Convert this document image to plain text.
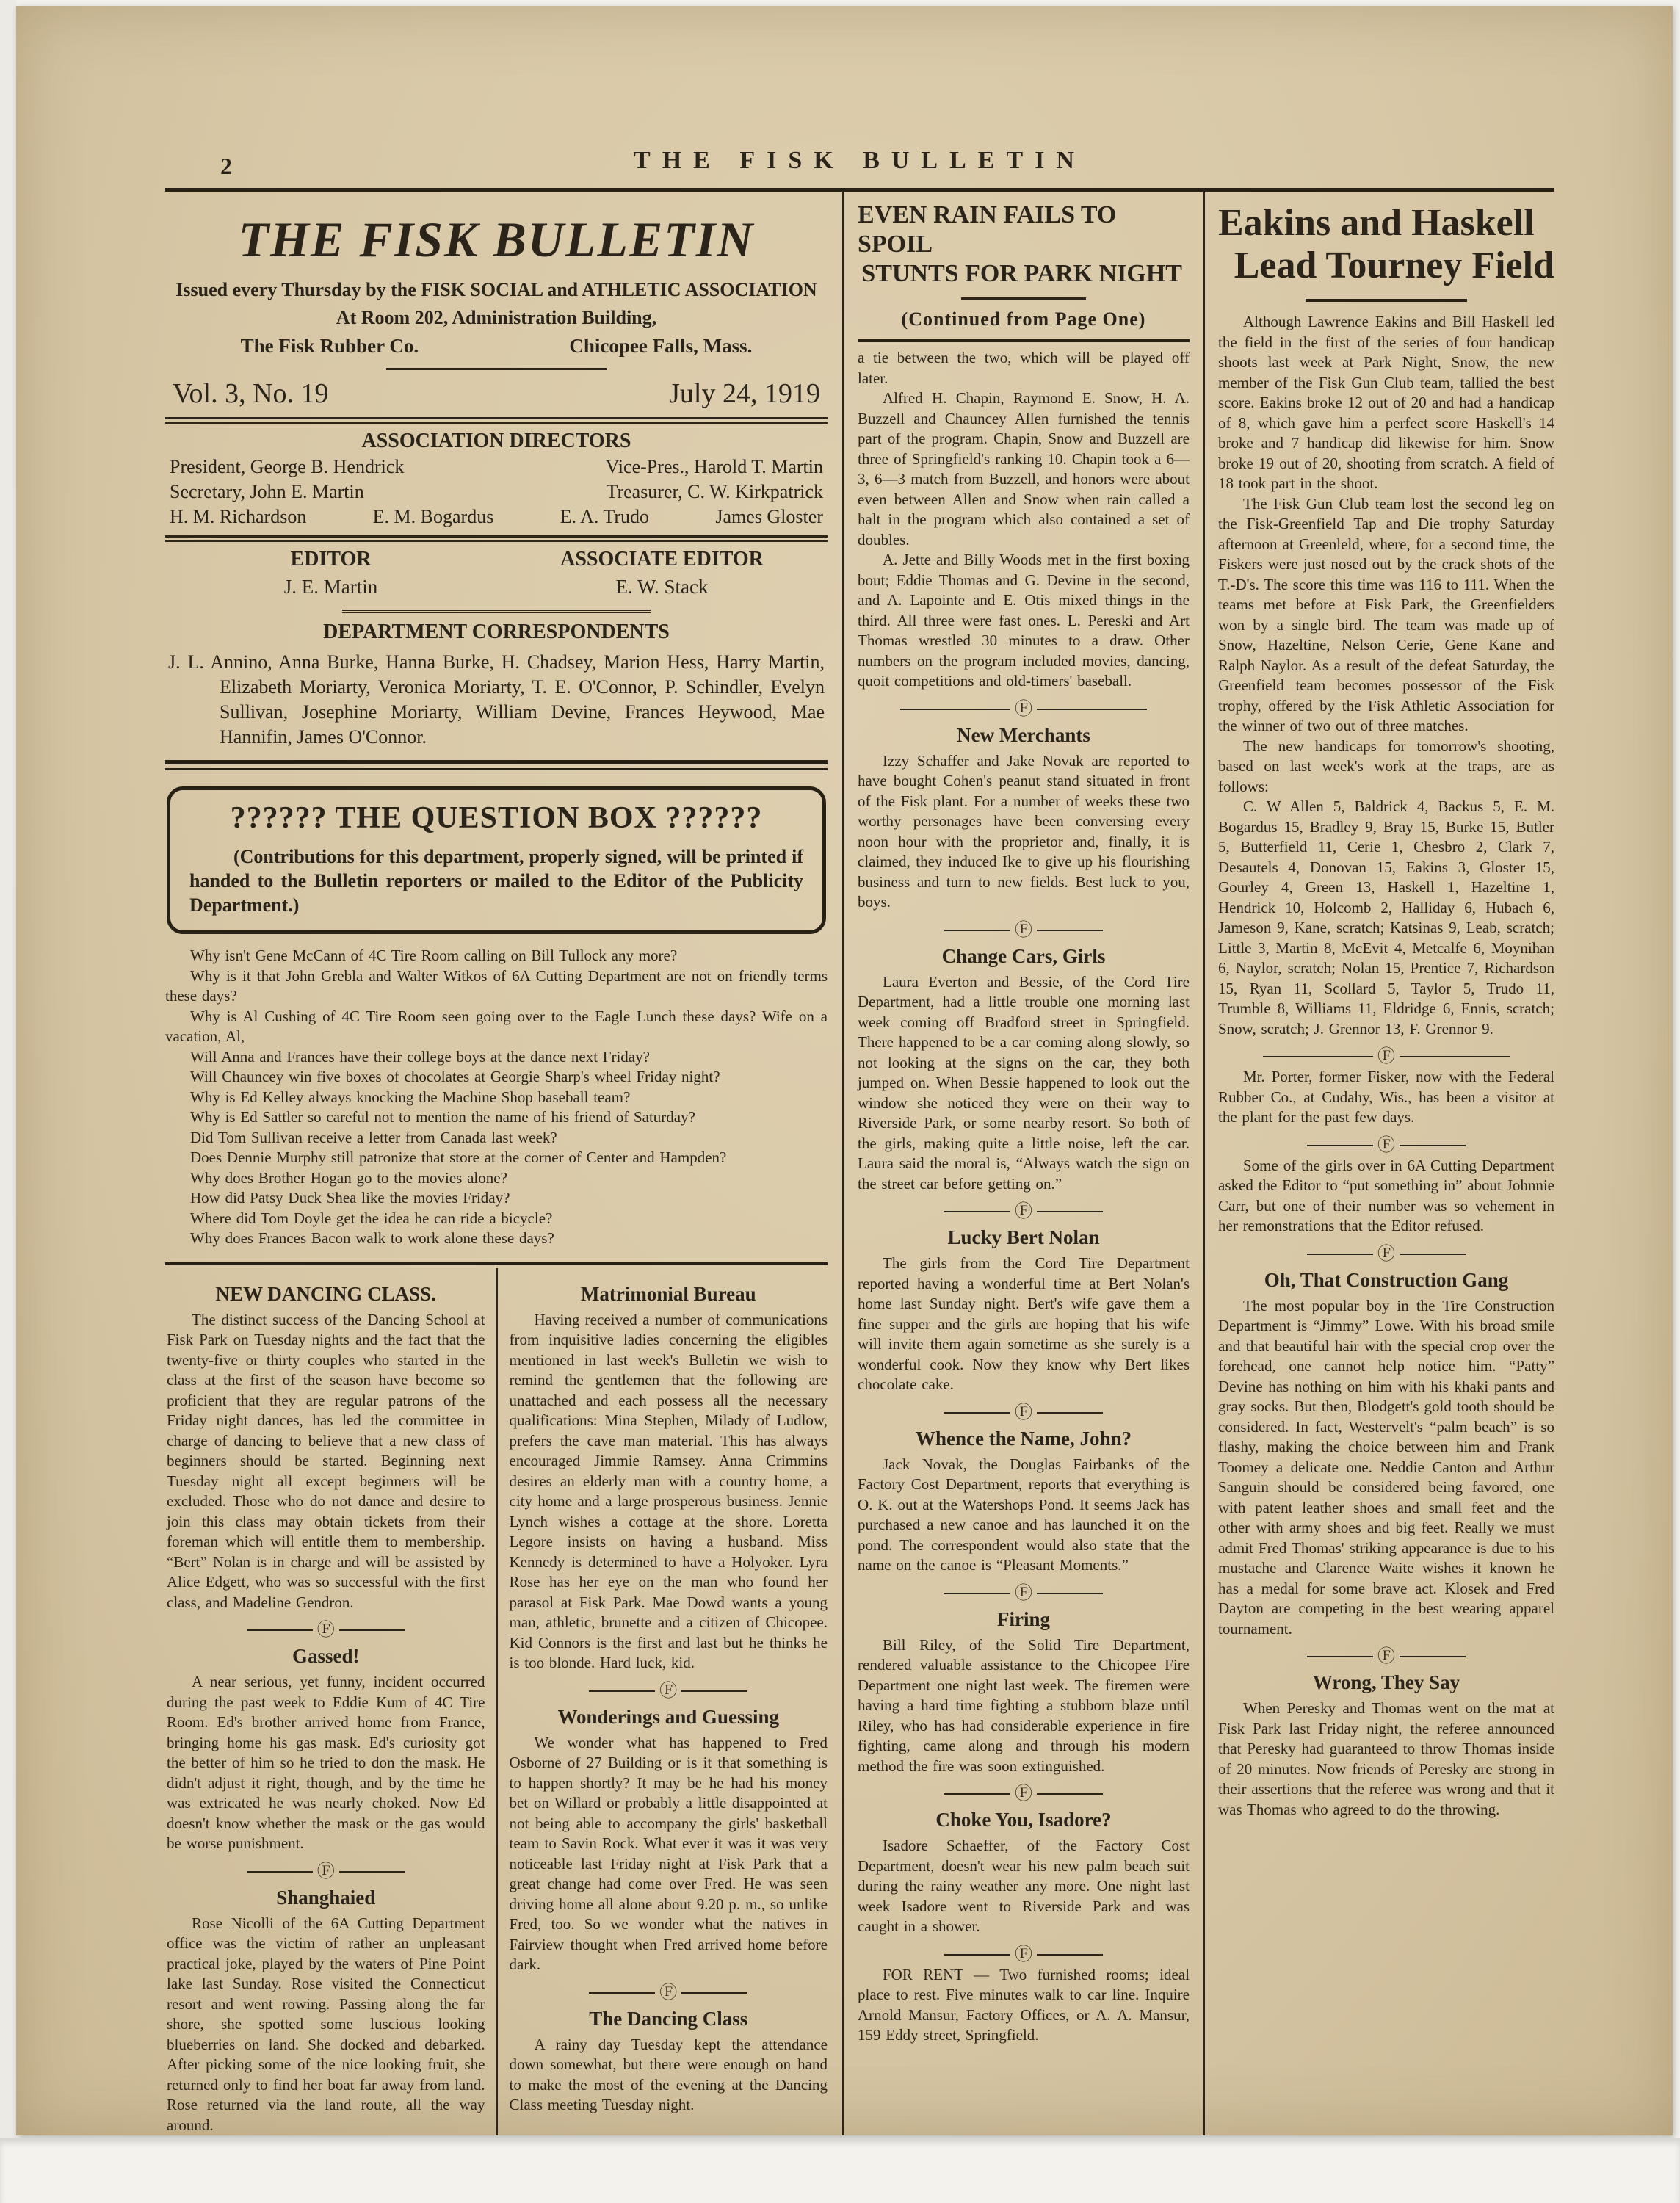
2	THE FISK BULLETIN
THE FISK BULLETIN
Issued every Thursday by the FISK SOCIAL and ATHLETIC ASSOCIATION
At Room 202, Administration Building,
The Fisk Rubber Co.	Chicopee Falls, Mass.
Vol. 3, No. 19	July 24, 1919
ASSOCIATION DIRECTORS
President, George B. Hendrick	Vice-Pres., Harold T. Martin
Secretary, John E. Martin	Treasurer, C. W. Kirkpatrick
H. M. Richardson	E. M. Bogardus	E. A. Trudo	James Gloster
EDITOR
J. E. Martin
ASSOCIATE EDITOR
E. W. Stack
DEPARTMENT CORRESPONDENTS
J. L. Annino, Anna Burke, Hanna Burke, H. Chadsey, Marion Hess, Harry Martin, Elizabeth Moriarty, Veronica Moriarty, T. E. O'Connor, P. Schindler, Evelyn Sullivan, Josephine Moriarty, William Devine, Frances Heywood, Mae Hannifin, James O'Connor.
?????? THE QUESTION BOX ??????
(Contributions for this department, properly signed, will be printed if handed to the Bulletin reporters or mailed to the Editor of the Publicity Department.)

Why isn't Gene McCann of 4C Tire Room calling on Bill Tullock any more?

Why is it that John Grebla and Walter Witkos of 6A Cutting Department are not on friendly terms these days?

Why is Al Cushing of 4C Tire Room seen going over to the Eagle Lunch these days? Wife on a vacation, Al,

Will Anna and Frances have their college boys at the dance next Friday?

Will Chauncey win five boxes of chocolates at Georgie Sharp's wheel Friday night?

Why is Ed Kelley always knocking the Machine Shop baseball team?

Why is Ed Sattler so careful not to mention the name of his friend of Saturday?

Did Tom Sullivan receive a letter from Canada last week?

Does Dennie Murphy still patronize that store at the corner of Center and Hampden?

Why does Brother Hogan go to the movies alone?

How did Patsy Duck Shea like the movies Friday?

Where did Tom Doyle get the idea he can ride a bicycle?

Why does Frances Bacon walk to work alone these days?

NEW DANCING CLASS.

The distinct success of the Dancing School at Fisk Park on Tuesday nights and the fact that the twenty-five or thirty couples who started in the class at the first of the season have become so proficient that they are regular patrons of the Friday night dances, has led the committee in charge of dancing to believe that a new class of beginners should be started. Beginning next Tuesday night all except beginners will be excluded. Those who do not dance and desire to join this class may obtain tickets from their foreman which will entitle them to membership. “Bert” Nolan is in charge and will be assisted by Alice Edgett, who was so successful with the first class, and Madeline Gendron.

Ⓕ
Gassed!

A near serious, yet funny, incident occurred during the past week to Eddie Kum of 4C Tire Room. Ed's brother arrived home from France, bringing home his gas mask. Ed's curiosity got the better of him so he tried to don the mask. He didn't adjust it right, though, and by the time he was extricated he was nearly choked. Now Ed doesn't know whether the mask or the gas would be worse punishment.

Ⓕ
Shanghaied

Rose Nicolli of the 6A Cutting Department office was the victim of rather an unpleasant practical joke, played by the waters of Pine Point lake last Sunday. Rose visited the Connecticut resort and went rowing. Passing along the far shore, she spotted some luscious looking blueberries on land. She docked and debarked. After picking some of the nice looking fruit, she returned only to find her boat far away from land. Rose returned via the land route, all the way around.

Matrimonial Bureau

Having received a number of communications from inquisitive ladies concerning the eligibles mentioned in last week's Bulletin we wish to remind the gentlemen that the following are unattached and each possess all the necessary qualifications: Mina Stephen, Milady of Ludlow, prefers the cave man material. This has always encouraged Jimmie Ramsey. Anna Crimmins desires an elderly man with a country home, a city home and a large prosperous business. Jennie Lynch wishes a cottage at the shore. Loretta Legore insists on having a husband. Miss Kennedy is determined to have a Holyoker. Lyra Rose has her eye on the man who found her parasol at Fisk Park. Mae Dowd wants a young man, athletic, brunette and a citizen of Chicopee. Kid Connors is the first and last but he thinks he is too blonde. Hard luck, kid.

Ⓕ
Wonderings and Guessing

We wonder what has happened to Fred Osborne of 27 Building or is it that something is to happen shortly? It may be he had his money bet on Willard or probably a little disappointed at not being able to accompany the girls' basketball team to Savin Rock. What ever it was it was very noticeable last Friday night at Fisk Park that a great change had come over Fred. He was seen driving home all alone about 9.20 p. m., so unlike Fred, too. So we wonder what the natives in Fairview thought when Fred arrived home before dark.

Ⓕ
The Dancing Class

A rainy day Tuesday kept the attendance down somewhat, but there were enough on hand to make the most of the evening at the Dancing Class meeting Tuesday night.

EVEN RAIN FAILS TO SPOIL
STUNTS FOR PARK NIGHT
(Continued from Page One)

a tie between the two, which will be played off later.

Alfred H. Chapin, Raymond E. Snow, H. A. Buzzell and Chauncey Allen furnished the tennis part of the program. Chapin, Snow and Buzzell are three of Springfield's ranking 10. Chapin took a 6—3, 6—3 match from Buzzell, and honors were about even between Allen and Snow when rain called a halt in the program which also contained a set of doubles.

A. Jette and Billy Woods met in the first boxing bout; Eddie Thomas and G. Devine in the second, and A. Lapointe and E. Otis mixed things in the third. All three were fast ones. L. Pereski and Art Thomas wrestled 30 minutes to a draw. Other numbers on the program included movies, dancing, quoit competitions and old-timers' baseball.

Ⓕ
New Merchants

Izzy Schaffer and Jake Novak are reported to have bought Cohen's peanut stand situated in front of the Fisk plant. For a number of weeks these two worthy personages have been conversing every noon hour with the proprietor and, finally, it is claimed, they induced Ike to give up his flourishing business and turn to new fields. Best luck to you, boys.

Ⓕ
Change Cars, Girls

Laura Everton and Bessie, of the Cord Tire Department, had a little trouble one morning last week coming off Bradford street in Springfield. There happened to be a car coming along slowly, so not looking at the signs on the car, they both jumped on. When Bessie happened to look out the window she noticed they were on their way to Riverside Park, or some nearby resort. So both of the girls, making quite a little noise, left the car. Laura said the moral is, “Always watch the sign on the street car before getting on.”

Ⓕ
Lucky Bert Nolan

The girls from the Cord Tire Department reported having a wonderful time at Bert Nolan's home last Sunday night. Bert's wife gave them a fine supper and the girls are hoping that his wife will invite them again sometime as she surely is a wonderful cook. Now they know why Bert likes chocolate cake.

Ⓕ
Whence the Name, John?

Jack Novak, the Douglas Fairbanks of the Factory Cost Department, reports that everything is O. K. out at the Watershops Pond. It seems Jack has purchased a new canoe and has launched it on the pond. The correspondent would also state that the name on the canoe is “Pleasant Moments.”

Ⓕ
Firing

Bill Riley, of the Solid Tire Department, rendered valuable assistance to the Chicopee Fire Department one night last week. The firemen were having a hard time fighting a stubborn blaze until Riley, who has had considerable experience in fire fighting, came along and through his modern method the fire was soon extinguished.

Ⓕ
Choke You, Isadore?

Isadore Schaeffer, of the Factory Cost Department, doesn't wear his new palm beach suit during the rainy weather any more. One night last week Isadore went to Riverside Park and was caught in a shower.

Ⓕ

FOR RENT — Two furnished rooms; ideal place to rest. Five minutes walk to car line. Inquire Arnold Mansur, Factory Offices, or A. A. Mansur, 159 Eddy street, Springfield.

Eakins and Haskell
Lead Tourney Field

Although Lawrence Eakins and Bill Haskell led the field in the first of the series of four handicap shoots last week at Park Night, Snow, the new member of the Fisk Gun Club team, tallied the best score. Eakins broke 12 out of 20 and had a handicap of 8, which gave him a perfect score Haskell's 14 broke and 7 handicap did likewise for him. Snow broke 19 out of 20, shooting from scratch. A field of 18 took part in the shoot.

The Fisk Gun Club team lost the second leg on the Fisk-Greenfield Tap and Die trophy Saturday afternoon at Greenleld, where, for a second time, the Fiskers were just nosed out by the crack shots of the T.-D's. The score this time was 116 to 111. When the teams met before at Fisk Park, the Greenfielders won by a single bird. The team was made up of Snow, Hazeltine, Nelson Cerie, Gene Kane and Ralph Naylor. As a result of the defeat Saturday, the Greenfield team becomes possessor of the Fisk trophy, offered by the Fisk Athletic Association for the winner of two out of three matches.

The new handicaps for tomorrow's shooting, based on last week's work at the traps, are as follows:

C. W Allen 5, Baldrick 4, Backus 5, E. M. Bogardus 15, Bradley 9, Bray 15, Burke 15, Butler 5, Butterfield 11, Cerie 1, Chesbro 2, Clark 7, Desautels 4, Donovan 15, Eakins 3, Gloster 15, Gourley 4, Green 13, Haskell 1, Hazeltine 1, Hendrick 10, Holcomb 2, Halliday 6, Hubach 6, Jameson 9, Kane, scratch; Katsinas 9, Leab, scratch; Little 3, Martin 8, McEvit 4, Metcalfe 6, Moynihan 6, Naylor, scratch; Nolan 15, Prentice 7, Richardson 15, Ryan 11, Scollard 5, Taylor 5, Trudo 11, Trumble 8, Williams 11, Eldridge 6, Ennis, scratch; Snow, scratch; J. Grennor 13, F. Grennor 9.

Ⓕ

Mr. Porter, former Fisker, now with the Federal Rubber Co., at Cudahy, Wis., has been a visitor at the plant for the past few days.

Ⓕ

Some of the girls over in 6A Cutting Department asked the Editor to “put something in” about Johnnie Carr, but one of their number was so vehement in her remonstrations that the Editor refused.

Ⓕ
Oh, That Construction Gang

The most popular boy in the Tire Construction Department is “Jimmy” Lowe. With his broad smile and that beautiful hair with the special crop over the forehead, one cannot help notice him. “Patty” Devine has nothing on him with his khaki pants and gray socks. But then, Blodgett's gold tooth should be considered. In fact, Westervelt's “palm beach” is so flashy, making the choice between him and Frank Toomey a delicate one. Neddie Canton and Arthur Sanguin should be considered being favored, one with patent leather shoes and small feet and the other with army shoes and big feet. Really we must admit Fred Thomas' striking appearance is due to his mustache and Clarence Waite wishes it known he has a medal for some brave act. Klosek and Fred Dayton are competing in the best wearing apparel tournament.

Ⓕ
Wrong, They Say

When Peresky and Thomas went on the mat at Fisk Park last Friday night, the referee announced that Peresky had guaranteed to throw Thomas inside of 20 minutes. Now friends of Peresky are strong in their assertions that the referee was wrong and that it was Thomas who agreed to do the throwing.
